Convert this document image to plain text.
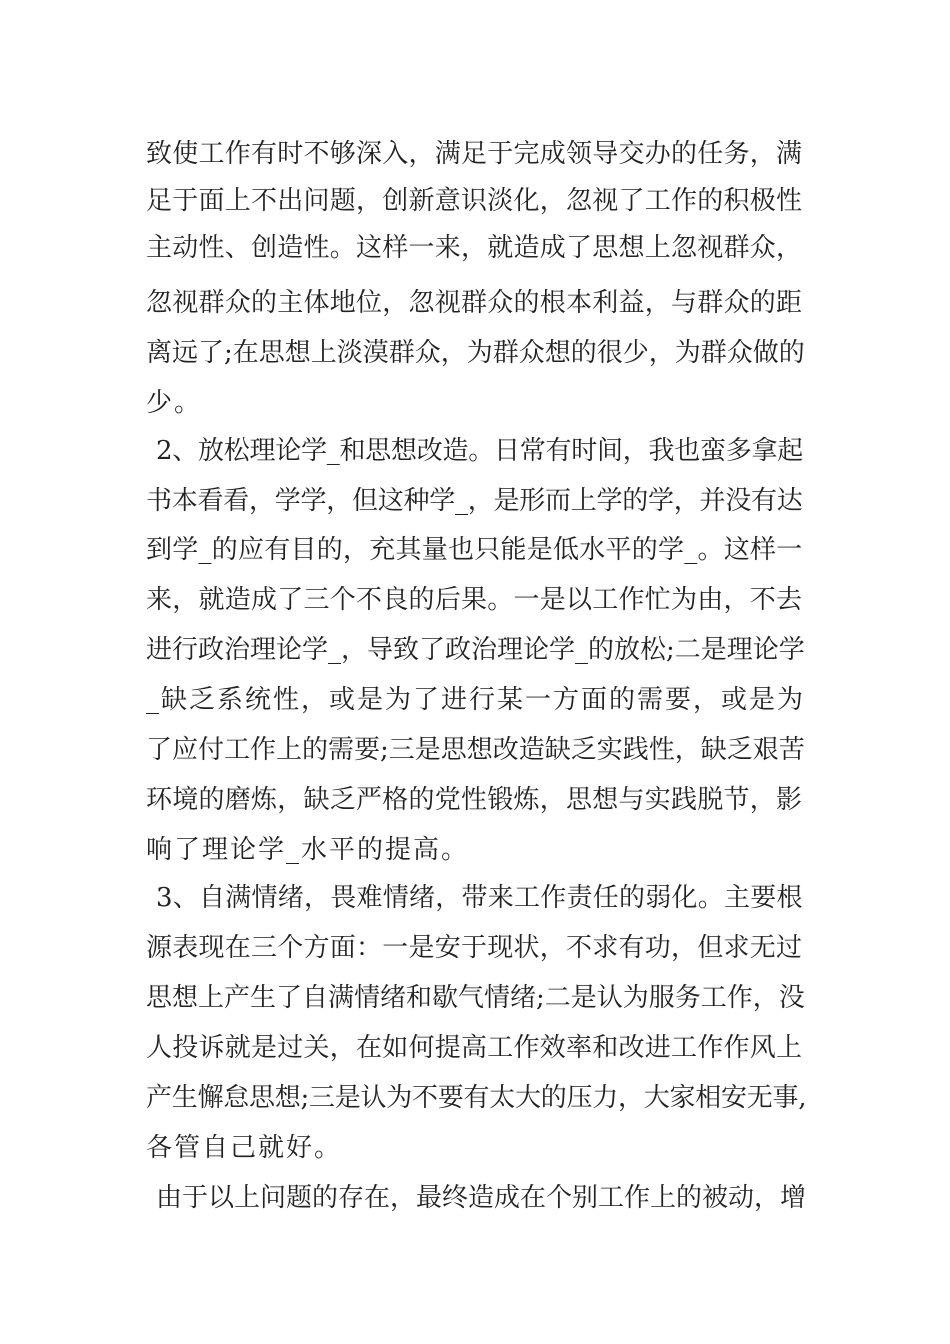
致使工作有时不够深入，满足于完成领导交办的任务，满
足于面上不出问题，创新意识淡化，忽视了工作的积极性
主动性、创造性。这样一来，就造成了思想上忽视群众，
忽视群众的主体地位，忽视群众的根本利益，与群众的距
离远了;在思想上淡漠群众，为群众想的很少，为群众做的
少。
2、放松理论学_和思想改造。日常有时间，我也蛮多拿起
书本看看，学学，但这种学_，是形而上学的学，并没有达
到学_的应有目的，充其量也只能是低水平的学_。这样一
来，就造成了三个不良的后果。一是以工作忙为由，不去
进行政治理论学_，导致了政治理论学_的放松;二是理论学
_缺乏系统性，或是为了进行某一方面的需要，或是为
了应付工作上的需要;三是思想改造缺乏实践性，缺乏艰苦
环境的磨炼，缺乏严格的党性锻炼，思想与实践脱节，影
响了理论学_水平的提高。
3、自满情绪，畏难情绪，带来工作责任的弱化。主要根
源表现在三个方面：一是安于现状，不求有功，但求无过
思想上产生了自满情绪和歇气情绪;二是认为服务工作，没
人投诉就是过关，在如何提高工作效率和改进工作作风上
产生懈怠思想;三是认为不要有太大的压力，大家相安无事,
各管自己就好。
由于以上问题的存在，最终造成在个别工作上的被动，增
